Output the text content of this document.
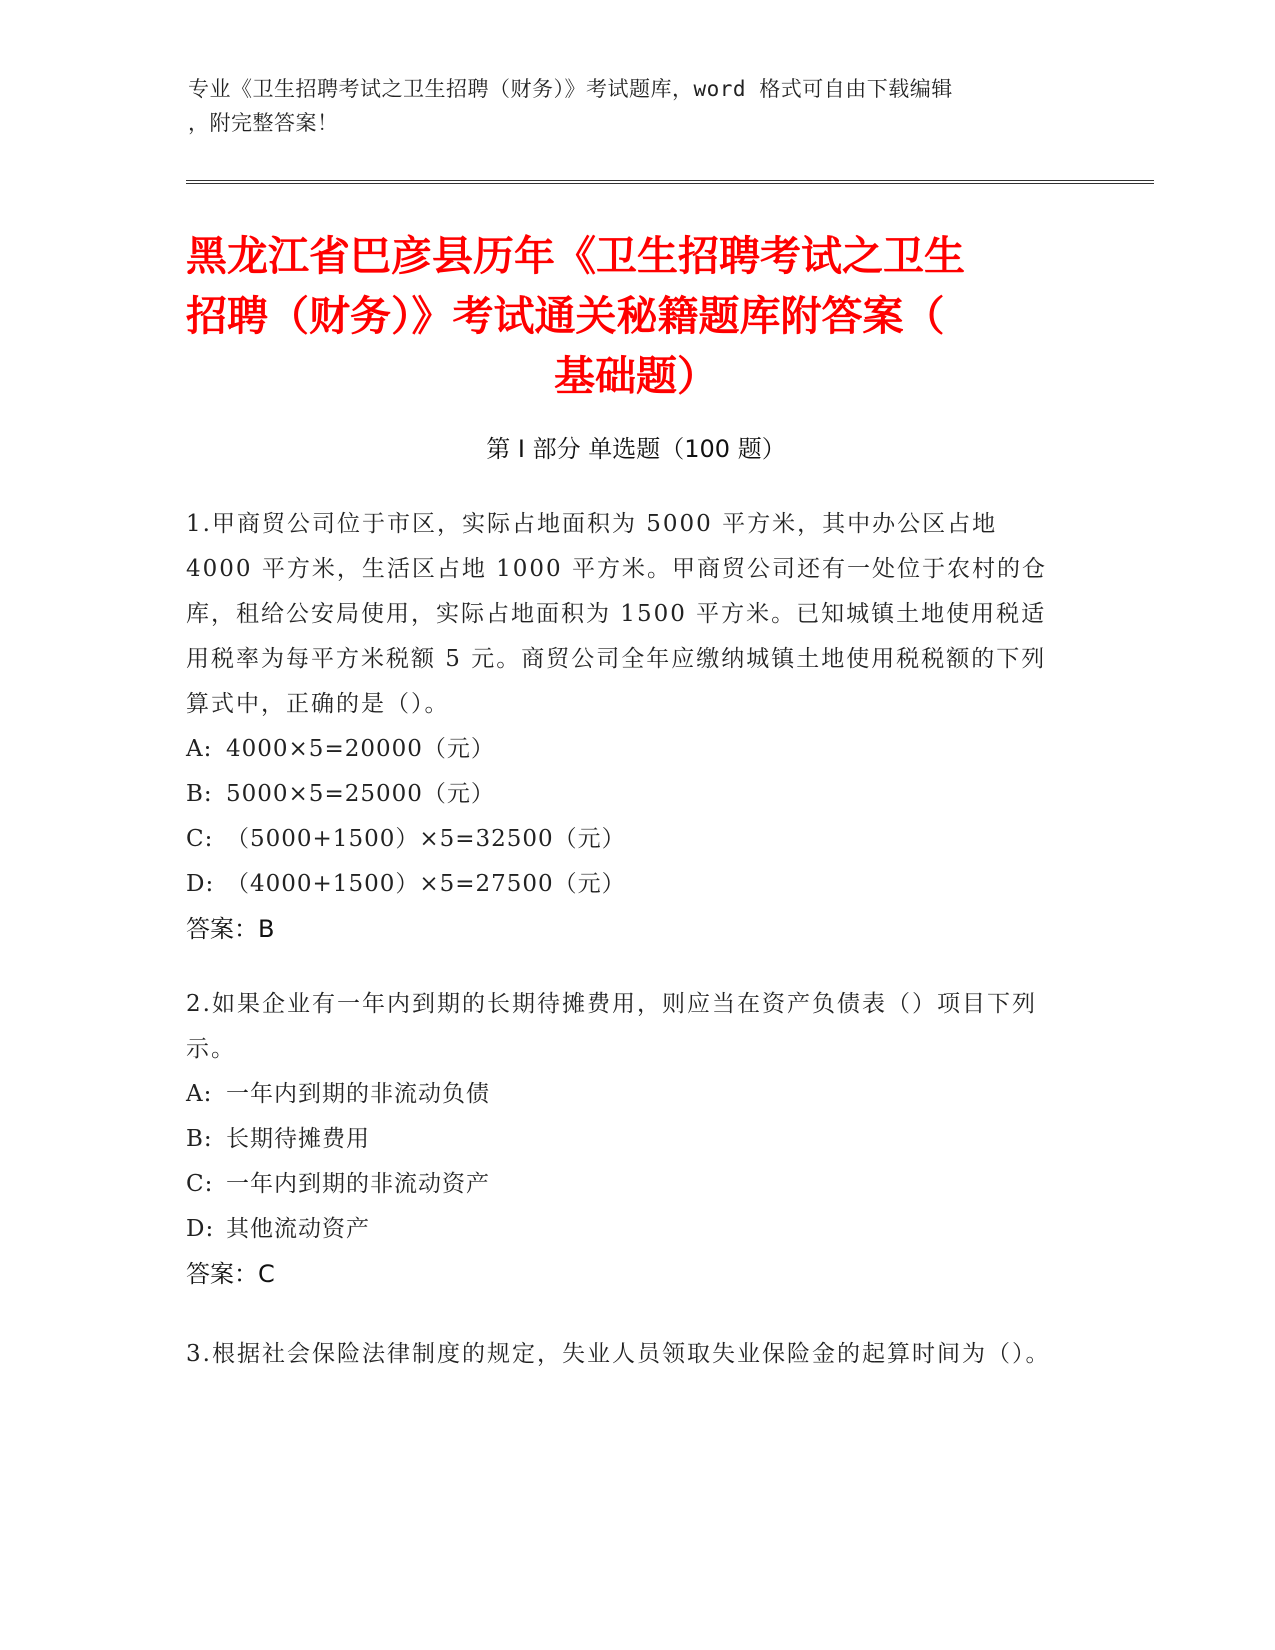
专业《卫生招聘考试之卫生招聘（财务）》考试题库，word 格式可自由下载编辑
，附完整答案！
黑龙江省巴彦县历年《卫生招聘考试之卫生
招聘（财务）》考试通关秘籍题库附答案（
基础题）
第 I 部分 单选题（100 题）

1.甲商贸公司位于市区，实际占地面积为 5000 平方米，其中办公区占地 4000 平方米，生活区占地 1000 平方米。甲商贸公司还有一处位于农村的仓库，租给公安局使用，实际占地面积为 1500 平方米。已知城镇土地使用税适用税率为每平方米税额 5 元。商贸公司全年应缴纳城镇土地使用税税额的下列算式中，正确的是（）。

A: 4000×5=20000（元）

B: 5000×5=25000（元）

C: （5000+1500）×5=32500（元）

D: （4000+1500）×5=27500（元）

答案：B

2.如果企业有一年内到期的长期待摊费用，则应当在资产负债表（）项目下列示。

A: 一年内到期的非流动负债

B: 长期待摊费用

C: 一年内到期的非流动资产

D: 其他流动资产

答案：C

3.根据社会保险法律制度的规定，失业人员领取失业保险金的起算时间为（）。
